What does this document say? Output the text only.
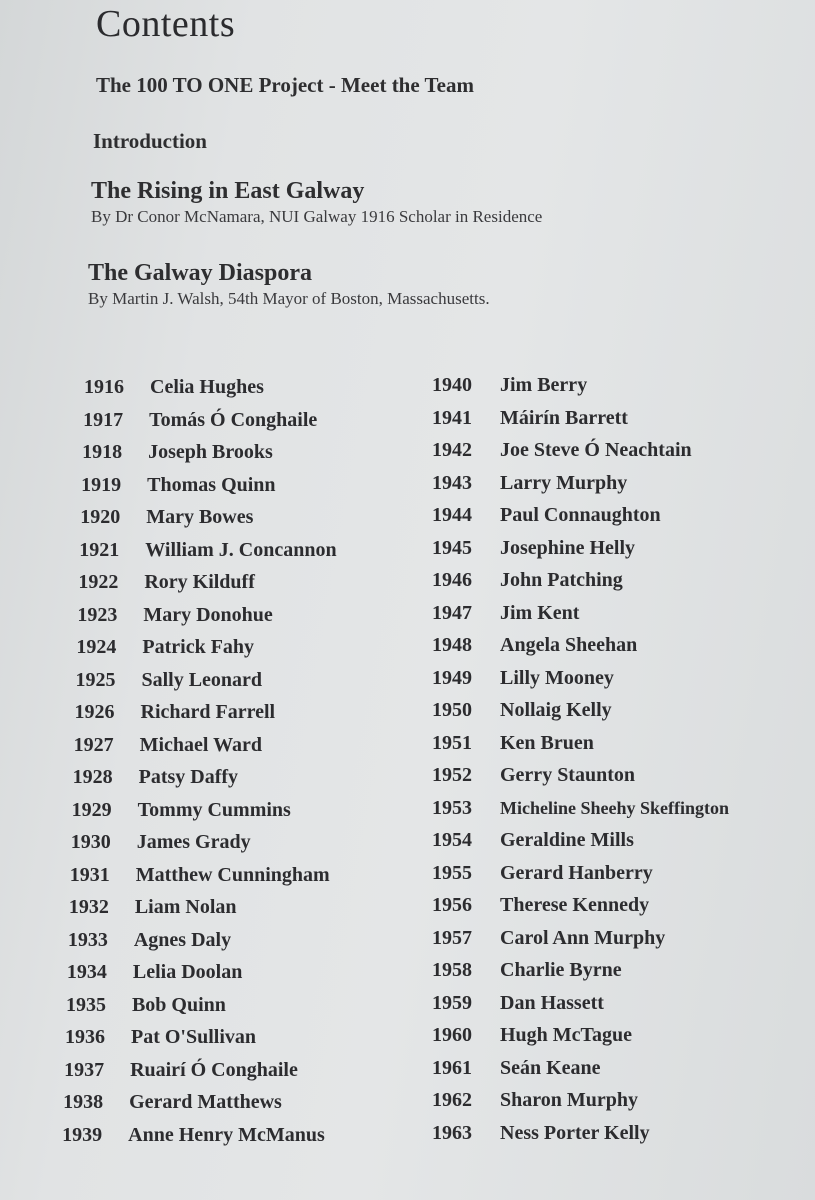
Contents
The 100 TO ONE Project - Meet the Team
Introduction
The Rising in East Galway
By Dr Conor McNamara, NUI Galway 1916 Scholar in Residence
The Galway Diaspora
By Martin J. Walsh, 54th Mayor of Boston, Massachusetts.
1916 Celia Hughes
1917 Tomás Ó Conghaile
1918 Joseph Brooks
1919 Thomas Quinn
1920 Mary Bowes
1921 William J. Concannon
1922 Rory Kilduff
1923 Mary Donohue
1924 Patrick Fahy
1925 Sally Leonard
1926 Richard Farrell
1927 Michael Ward
1928 Patsy Daffy
1929 Tommy Cummins
1930 James Grady
1931 Matthew Cunningham
1932 Liam Nolan
1933 Agnes Daly
1934 Lelia Doolan
1935 Bob Quinn
1936 Pat O'Sullivan
1937 Ruairí Ó Conghaile
1938 Gerard Matthews
1939 Anne Henry McManus
1940 Jim Berry
1941 Máirín Barrett
1942 Joe Steve Ó Neachtain
1943 Larry Murphy
1944 Paul Connaughton
1945 Josephine Helly
1946 John Patching
1947 Jim Kent
1948 Angela Sheehan
1949 Lilly Mooney
1950 Nollaig Kelly
1951 Ken Bruen
1952 Gerry Staunton
1953 Micheline Sheehy Skeffington
1954 Geraldine Mills
1955 Gerard Hanberry
1956 Therese Kennedy
1957 Carol Ann Murphy
1958 Charlie Byrne
1959 Dan Hassett
1960 Hugh McTague
1961 Seán Keane
1962 Sharon Murphy
1963 Ness Porter Kelly
